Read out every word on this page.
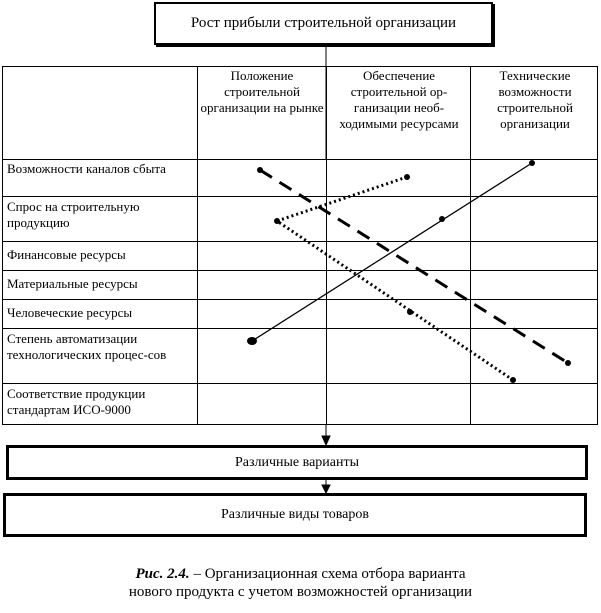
Рост прибыли строительной организации
Положение строительной организации на рынке
Обеспечение строительной ор-ганизации необ-ходимыми ресурсами
Технические возможности строительной организации
Возможности каналов сбыта
Спрос на строительную продукцию
Финансовые ресурсы
Материальные ресурсы
Человеческие ресурсы
Степень автоматизации технологических процес-сов
Соответствие продукции стандартам ИСО-9000
Различные варианты
Различные виды товаров
Рис. 2.4. – Организационная схема отбора варианта
нового продукта с учетом возможностей организации
